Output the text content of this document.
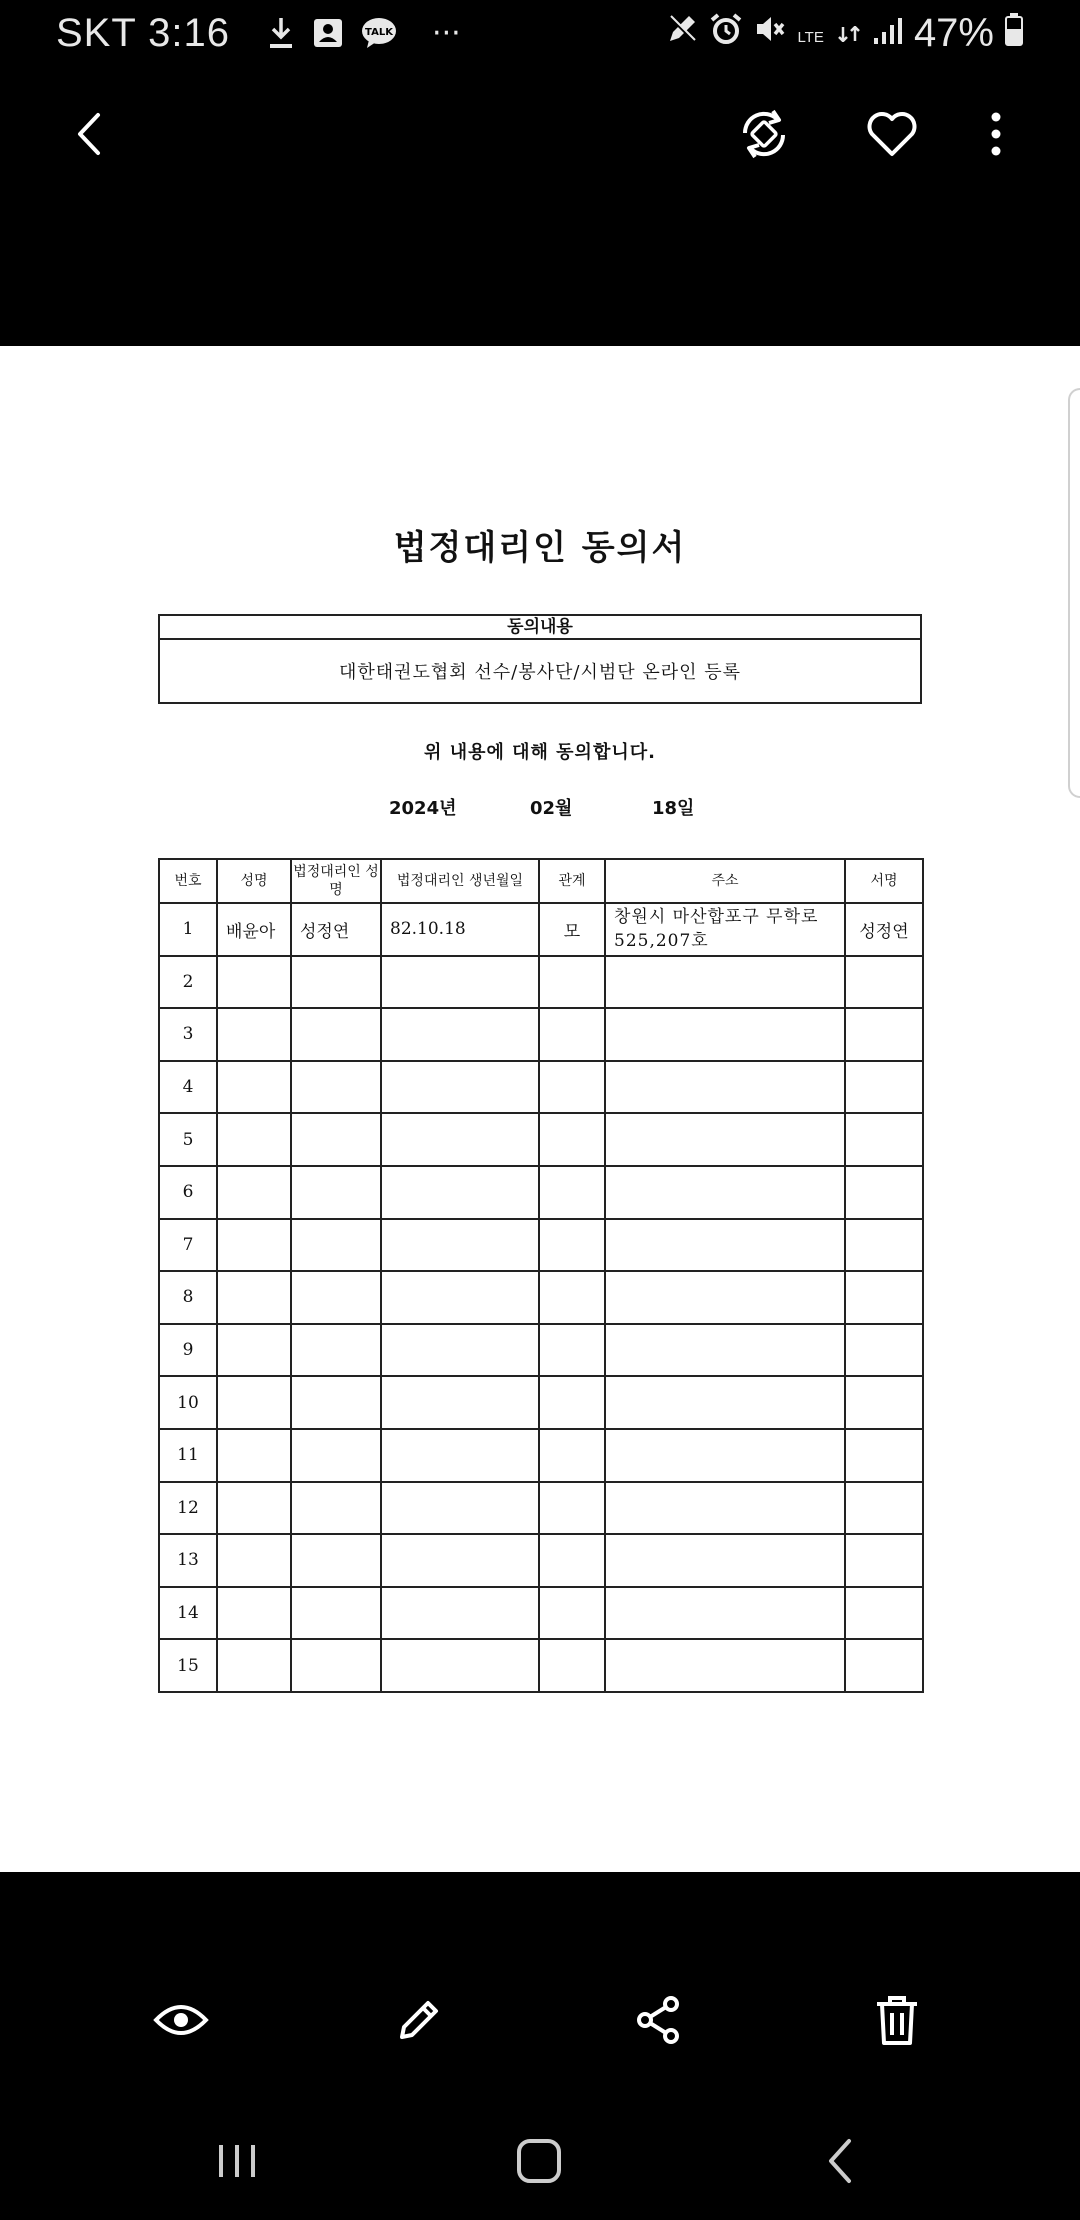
SKT 3:16	TALK ···	LTE	47%
법정대리인 동의서
동의내용
대한태권도협회 선수/봉사단/시범단 온라인 등록
위 내용에 대해 동의합니다.
2024년	02월	18일
번호	성명	법정대리인 성명	법정대리인 생년월일	관계	주소	서명
1	배윤아	성정연	82.10.18	모	창원시 마산합포구 무학로 525,207호	성정연
2						
3						
4						
5						
6						
7						
8						
9						
10						
11						
12						
13						
14						
15						
